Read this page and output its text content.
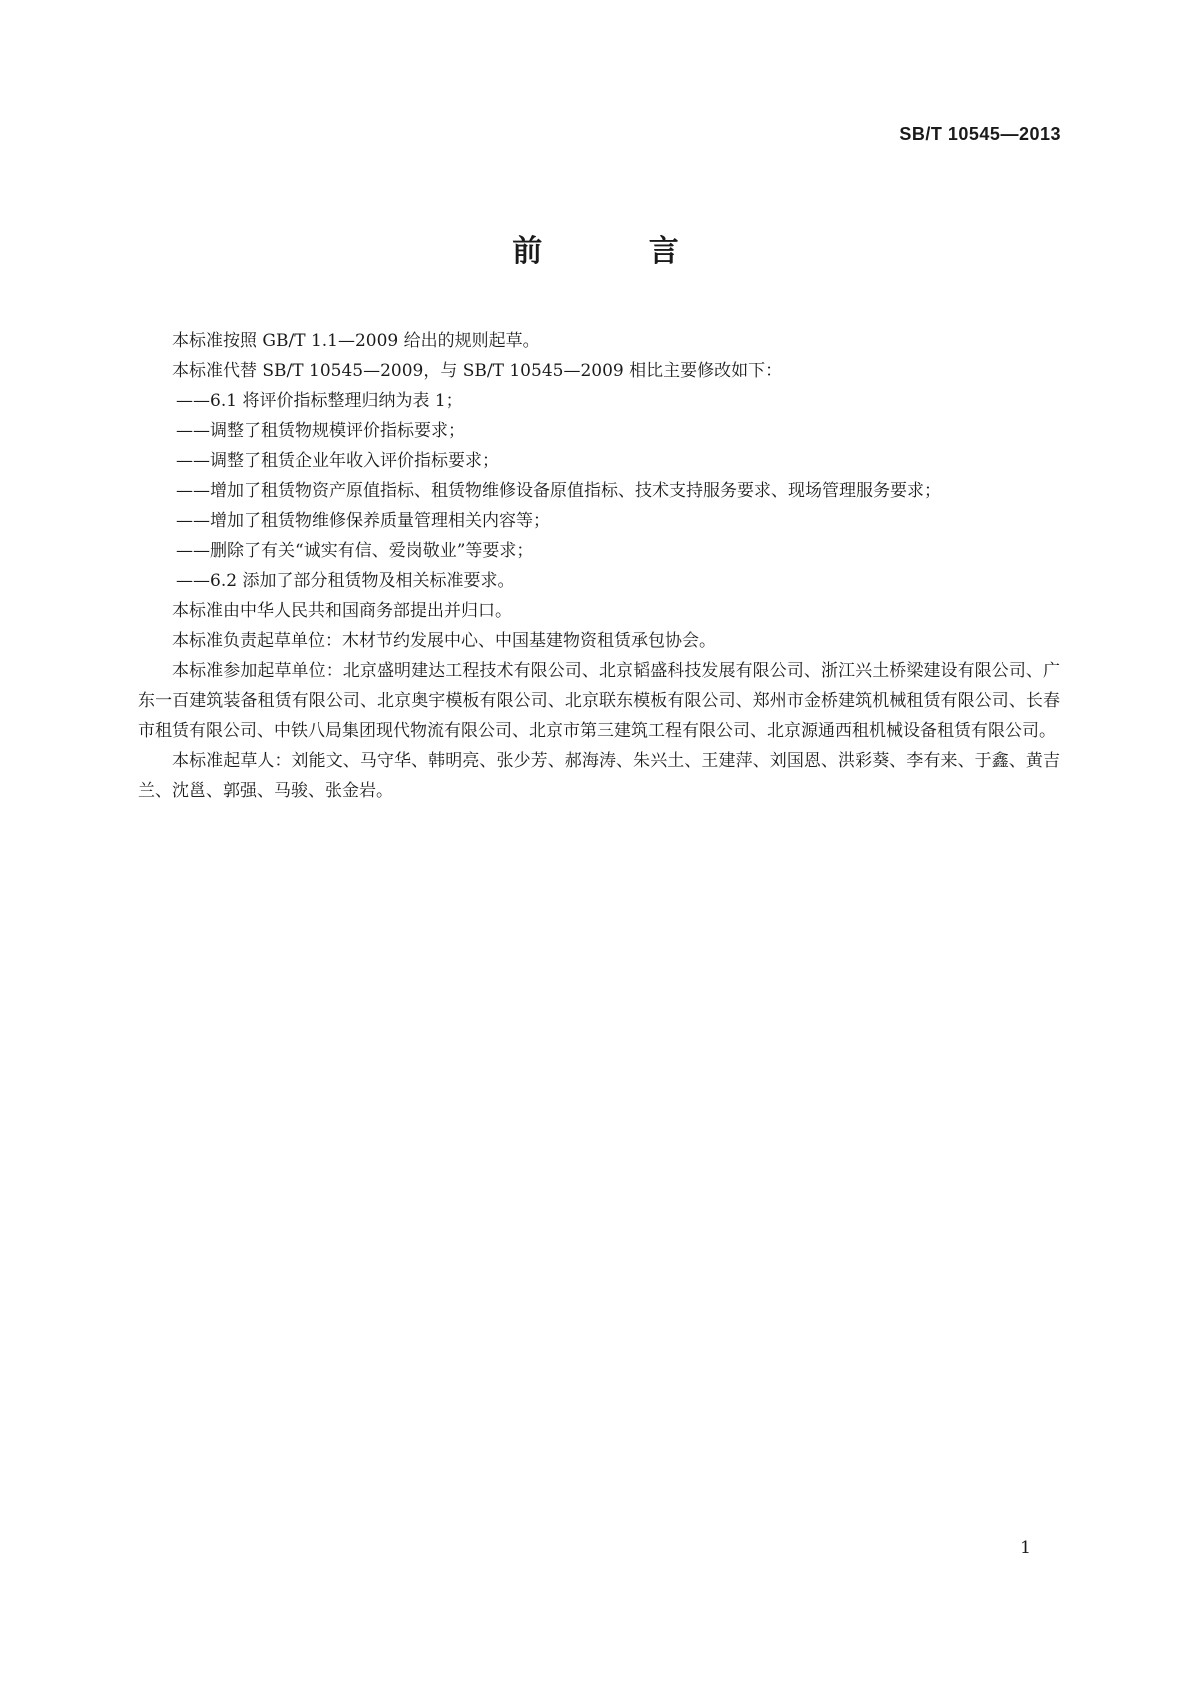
SB/T 10545—2013
前 言

本标准按照 GB/T 1.1—2009 给出的规则起草。

本标准代替 SB/T 10545—2009，与 SB/T 10545—2009 相比主要修改如下：

——6.1 将评价指标整理归纳为表 1；

——调整了租赁物规模评价指标要求；

——调整了租赁企业年收入评价指标要求；

——增加了租赁物资产原值指标、租赁物维修设备原值指标、技术支持服务要求、现场管理服务要求；

——增加了租赁物维修保养质量管理相关内容等；

——删除了有关“诚实有信、爱岗敬业”等要求；

——6.2 添加了部分租赁物及相关标准要求。

本标准由中华人民共和国商务部提出并归口。

本标准负责起草单位：木材节约发展中心、中国基建物资租赁承包协会。

本标准参加起草单位：北京盛明建达工程技术有限公司、北京韬盛科技发展有限公司、浙江兴土桥梁建设有限公司、广东一百建筑装备租赁有限公司、北京奥宇模板有限公司、北京联东模板有限公司、郑州市金桥建筑机械租赁有限公司、长春市租赁有限公司、中铁八局集团现代物流有限公司、北京市第三建筑工程有限公司、北京源通西租机械设备租赁有限公司。

本标准起草人：刘能文、马守华、韩明亮、张少芳、郝海涛、朱兴土、王建萍、刘国恩、洪彩葵、李有来、于鑫、黄吉兰、沈邕、郭强、马骏、张金岩。

1
